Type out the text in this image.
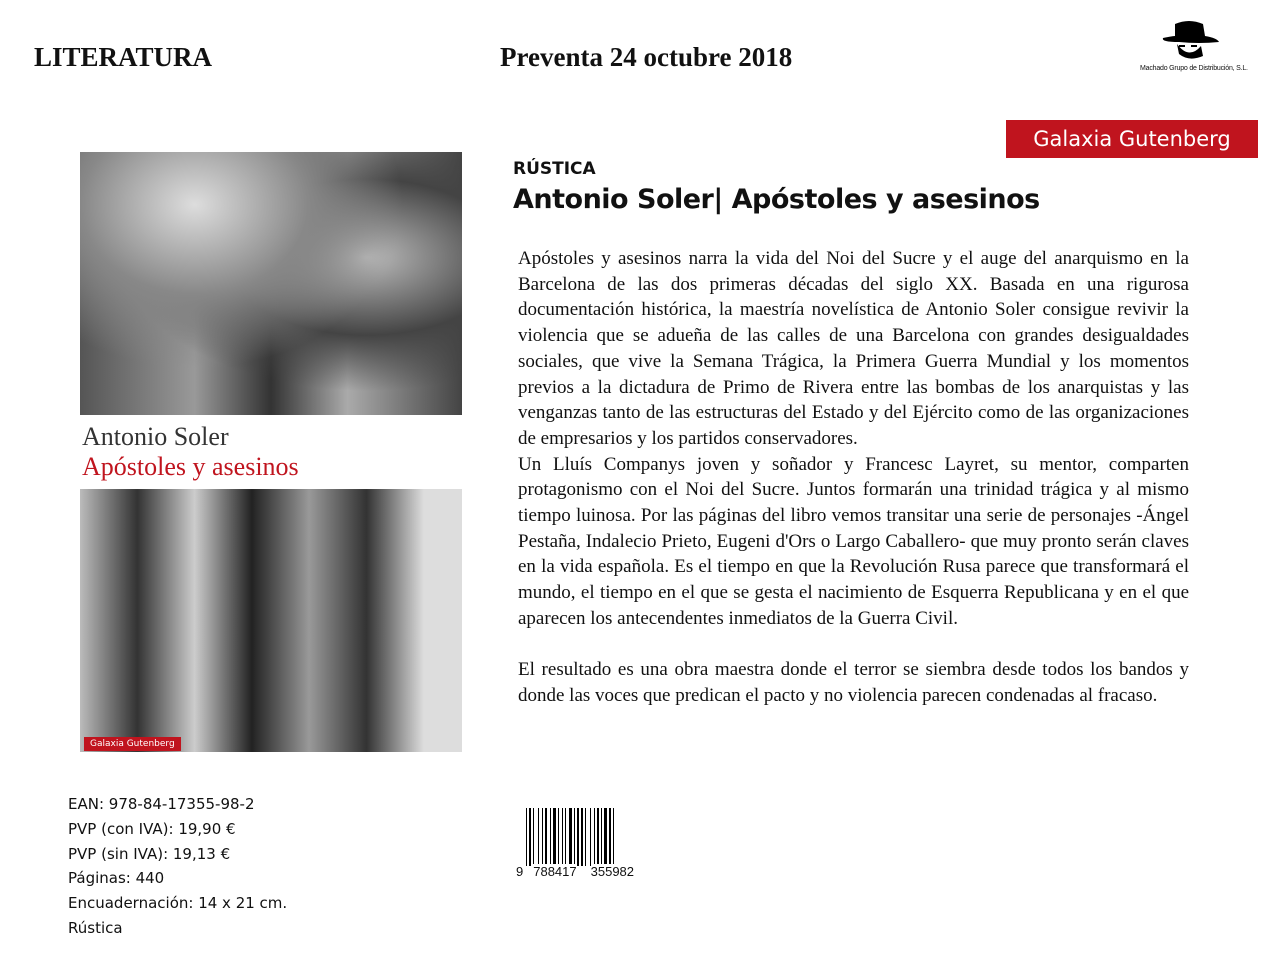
LITERATURA	Preventa 24 octubre 2018	Machado Grupo de Distribución, S.L.
Galaxia Gutenberg
RÚSTICA
Antonio Soler| Apóstoles y asesinos

Apóstoles y asesinos narra la vida del Noi del Sucre y el auge del anarquismo en la Barcelona de las dos primeras décadas del siglo XX. Basada en una rigurosa documentación histórica, la maestría novelística de Antonio Soler consigue revivir la violencia que se adueña de las calles de una Barcelona con grandes desigualdades sociales, que vive la Semana Trágica, la Primera Guerra Mundial y los momentos previos a la dictadura de Primo de Rivera entre las bombas de los anarquistas y las venganzas tanto de las estructuras del Estado y del Ejército como de las organizaciones de empresarios y los partidos conservadores.

Un Lluís Companys joven y soñador y Francesc Layret, su mentor, comparten protagonismo con el Noi del Sucre. Juntos formarán una trinidad trágica y al mismo tiempo luinosa. Por las páginas del libro vemos transitar una serie de personajes -Ángel Pestaña, Indalecio Prieto, Eugeni d'Ors o Largo Caballero- que muy pronto serán claves en la vida española. Es el tiempo en que la Revolución Rusa parece que transformará el mundo, el tiempo en el que se gesta el nacimiento de Esquerra Republicana y en el que aparecen los antecendentes inmediatos de la Guerra Civil.

El resultado es una obra maestra donde el terror se siembra desde todos los bandos y donde las voces que predican el pacto y no violencia parecen condenadas al fracaso.

Antonio Soler
Apóstoles y asesinos
Galaxia Gutenberg
EAN: 978-84-17355-98-2
PVP (con IVA): 19,90 €
PVP (sin IVA): 19,13 €
Páginas: 440
Encuadernación: 14 x 21 cm.
Rústica
9 788417 355982
